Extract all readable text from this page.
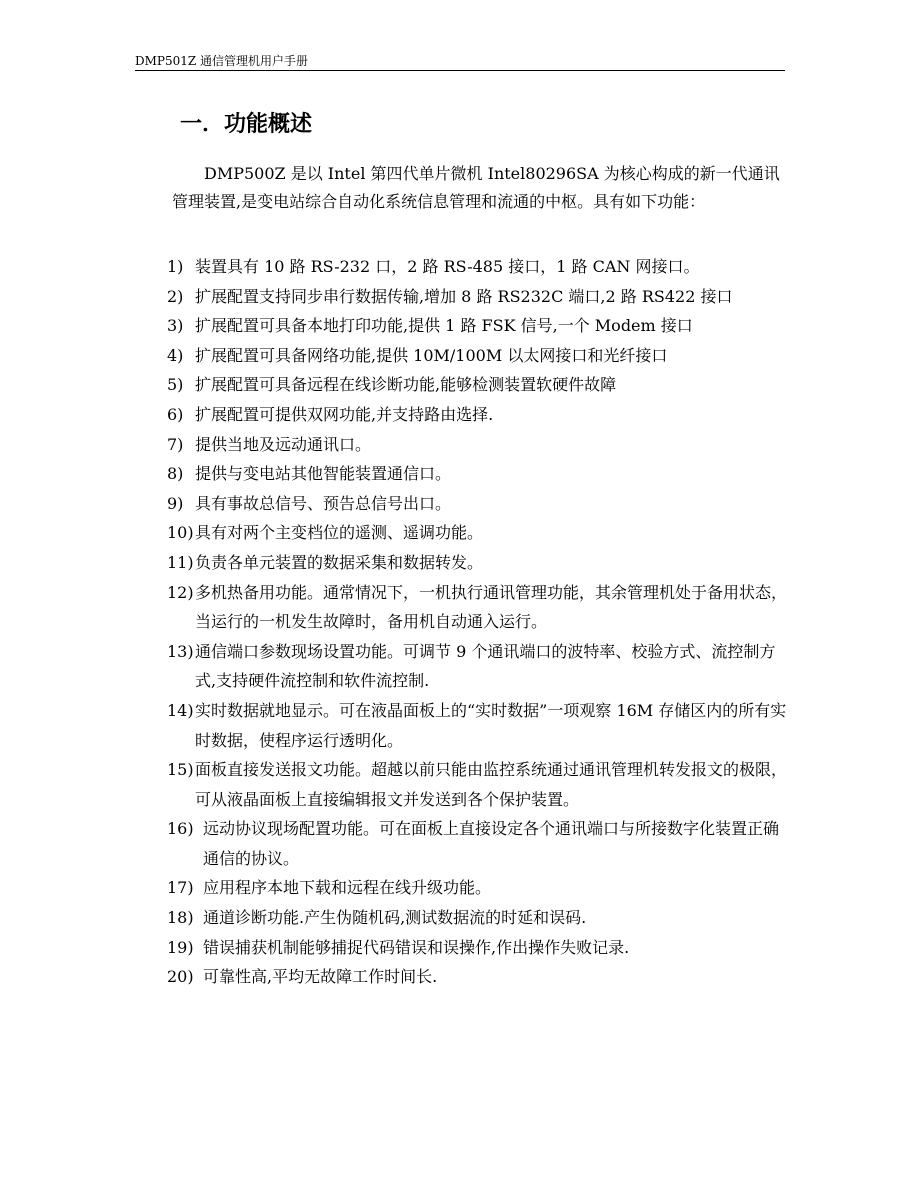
DMP501Z 通信管理机用户手册
一．功能概述
DMP500Z 是以 Intel 第四代单片微机 Intel80296SA 为核心构成的新一代通讯管理装置,是变电站综合自动化系统信息管理和流通的中枢。具有如下功能：
1) 装置具有 10 路 RS-232 口，2 路 RS-485 接口，1 路 CAN 网接口。
2) 扩展配置支持同步串行数据传输,增加 8 路 RS232C 端口,2 路 RS422 接口
3) 扩展配置可具备本地打印功能,提供 1 路 FSK 信号,一个 Modem 接口
4) 扩展配置可具备网络功能,提供 10M/100M 以太网接口和光纤接口
5) 扩展配置可具备远程在线诊断功能,能够检测装置软硬件故障
6) 扩展配置可提供双网功能,并支持路由选择.
7) 提供当地及远动通讯口。
8) 提供与变电站其他智能装置通信口。
9) 具有事故总信号、预告总信号出口。
10) 具有对两个主变档位的遥测、遥调功能。
11) 负责各单元装置的数据采集和数据转发。
12) 多机热备用功能。通常情况下，一机执行通讯管理功能，其余管理机处于备用状态，当运行的一机发生故障时，备用机自动通入运行。
13) 通信端口参数现场设置功能。可调节 9 个通讯端口的波特率、校验方式、流控制方式,支持硬件流控制和软件流控制.
14) 实时数据就地显示。可在液晶面板上的“实时数据”一项观察 16M 存储区内的所有实时数据，使程序运行透明化。
15) 面板直接发送报文功能。超越以前只能由监控系统通过通讯管理机转发报文的极限，可从液晶面板上直接编辑报文并发送到各个保护装置。
16) 远动协议现场配置功能。可在面板上直接设定各个通讯端口与所接数字化装置正确通信的协议。
17) 应用程序本地下载和远程在线升级功能。
18) 通道诊断功能.产生伪随机码,测试数据流的时延和误码.
19) 错误捕获机制能够捕捉代码错误和误操作,作出操作失败记录.
20) 可靠性高,平均无故障工作时间长.
